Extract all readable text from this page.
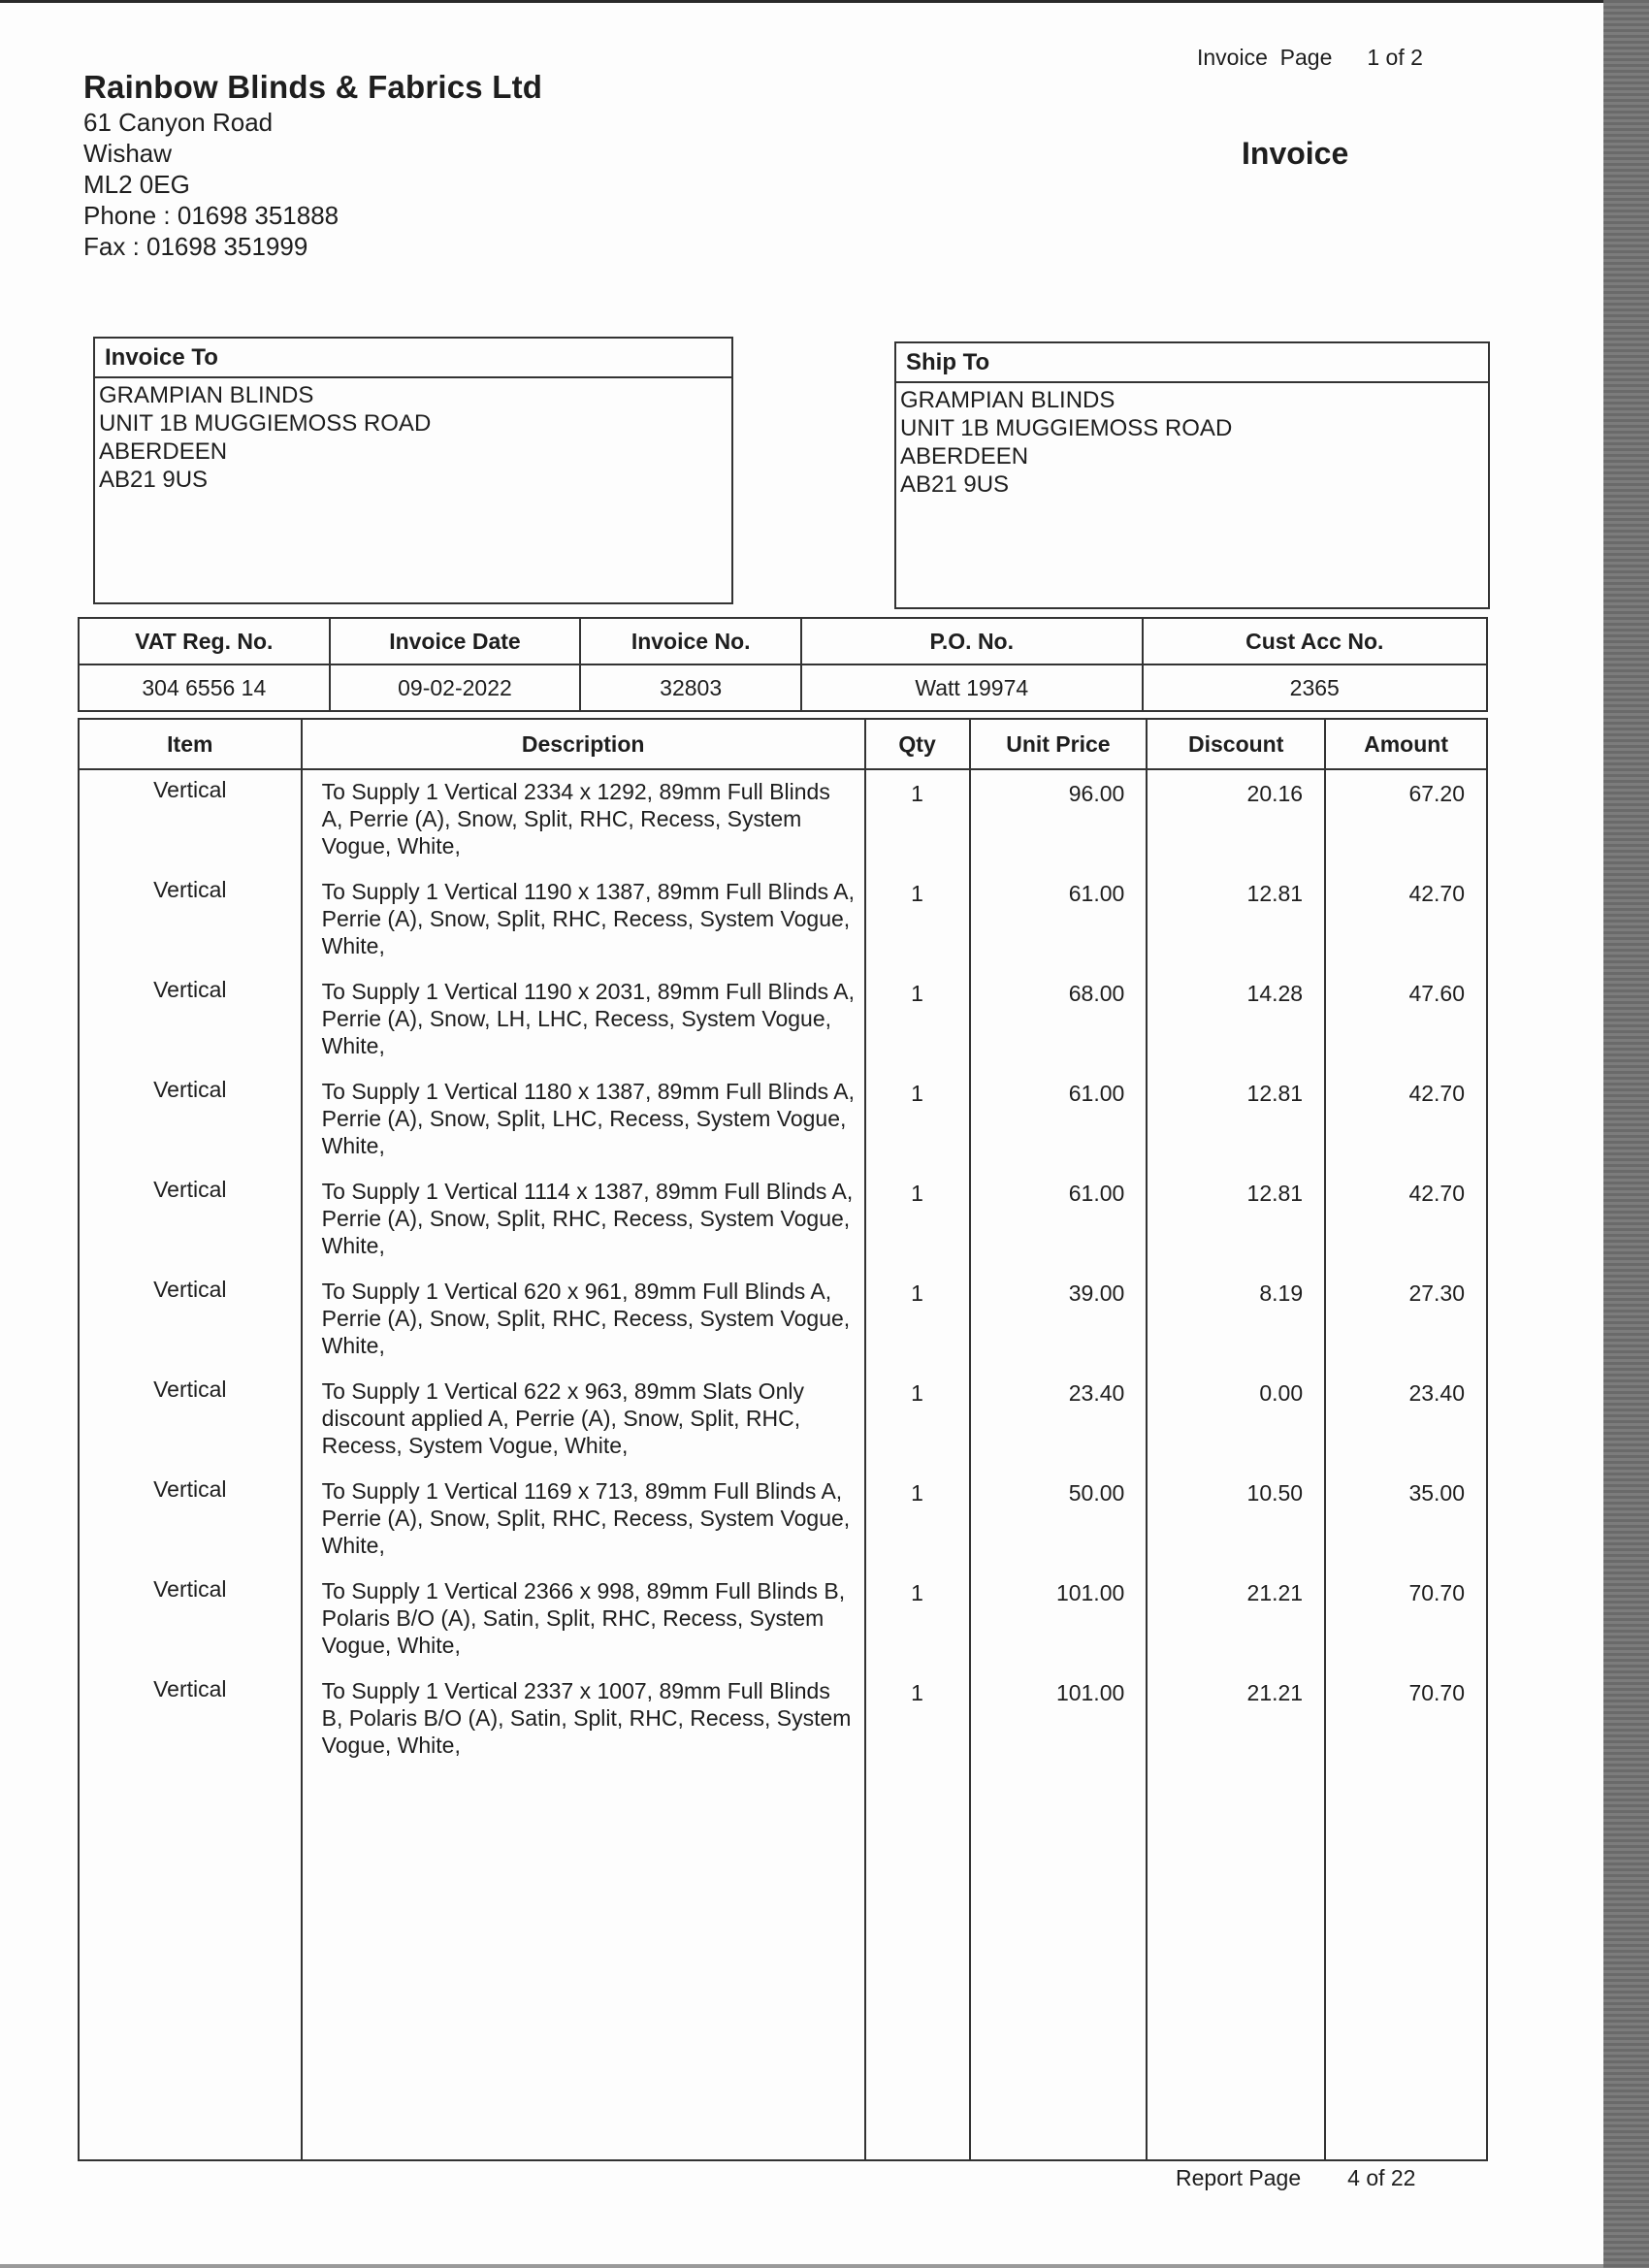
Rainbow Blinds & Fabrics Ltd
61 Canyon Road
Wishaw
ML2 0EG
Phone : 01698 351888
Fax : 01698 351999
Invoice  Page 1 of 2
Invoice
Invoice To
GRAMPIAN BLINDS
UNIT 1B MUGGIEMOSS ROAD
ABERDEEN
AB21 9US
Ship To
GRAMPIAN BLINDS
UNIT 1B MUGGIEMOSS ROAD
ABERDEEN
AB21 9US
VAT Reg. No.	Invoice Date	Invoice No.	P.O. No.	Cust Acc No.
304 6556 14	09-02-2022	32803	Watt 19974	2365
Item	Description	Qty	Unit Price	Discount	Amount
Vertical	To Supply 1 Vertical 2334 x 1292, 89mm Full Blinds A, Perrie (A), Snow, Split, RHC, Recess, System Vogue, White,	1	96.00	20.16	67.20
Vertical	To Supply 1 Vertical 1190 x 1387, 89mm Full Blinds A, Perrie (A), Snow, Split, RHC, Recess, System Vogue, White,	1	61.00	12.81	42.70
Vertical	To Supply 1 Vertical 1190 x 2031, 89mm Full Blinds A, Perrie (A), Snow, LH, LHC, Recess, System Vogue, White,	1	68.00	14.28	47.60
Vertical	To Supply 1 Vertical 1180 x 1387, 89mm Full Blinds A, Perrie (A), Snow, Split, LHC, Recess, System Vogue, White,	1	61.00	12.81	42.70
Vertical	To Supply 1 Vertical 1114 x 1387, 89mm Full Blinds A, Perrie (A), Snow, Split, RHC, Recess, System Vogue, White,	1	61.00	12.81	42.70
Vertical	To Supply 1 Vertical 620 x 961, 89mm Full Blinds A, Perrie (A), Snow, Split, RHC, Recess, System Vogue, White,	1	39.00	8.19	27.30
Vertical	To Supply 1 Vertical 622 x 963, 89mm Slats Only discount applied A, Perrie (A), Snow, Split, RHC, Recess, System Vogue, White,	1	23.40	0.00	23.40
Vertical	To Supply 1 Vertical 1169 x 713, 89mm Full Blinds A, Perrie (A), Snow, Split, RHC, Recess, System Vogue, White,	1	50.00	10.50	35.00
Vertical	To Supply 1 Vertical 2366 x 998, 89mm Full Blinds B, Polaris B/O (A), Satin, Split, RHC, Recess, System Vogue, White,	1	101.00	21.21	70.70
Vertical	To Supply 1 Vertical 2337 x 1007, 89mm Full Blinds B, Polaris B/O (A), Satin, Split, RHC, Recess, System Vogue, White,	1	101.00	21.21	70.70

Report Page 4 of 22
